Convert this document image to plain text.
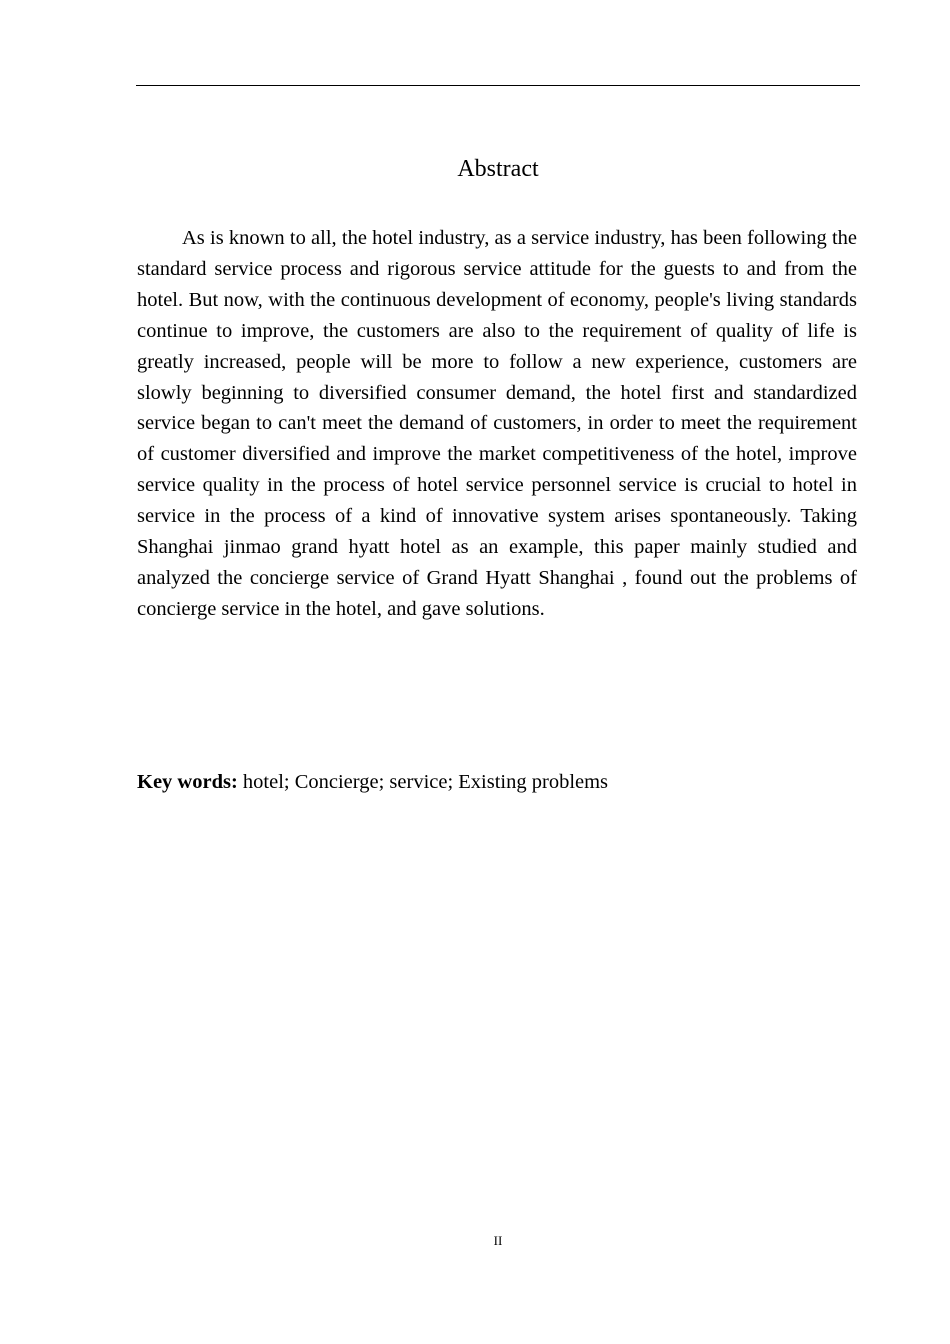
Abstract

As is known to all, the hotel industry, as a service industry, has been following the standard service process and rigorous service attitude for the guests to and from the hotel. But now, with the continuous development of economy, people's living standards continue to improve, the customers are also to the requirement of quality of life is greatly increased, people will be more to follow a new experience, customers are slowly beginning to diversified consumer demand, the hotel first and standardized service began to can't meet the demand of customers, in order to meet the requirement of customer diversified and improve the market competitiveness of the hotel, improve service quality in the process of hotel service personnel service is crucial to hotel in service in the process of a kind of innovative system arises spontaneously. Taking Shanghai jinmao grand hyatt hotel as an example, this paper mainly studied and analyzed the concierge service of Grand Hyatt Shanghai , found out the problems of concierge service in the hotel, and gave solutions.

Key words: hotel; Concierge; service; Existing problems

II
